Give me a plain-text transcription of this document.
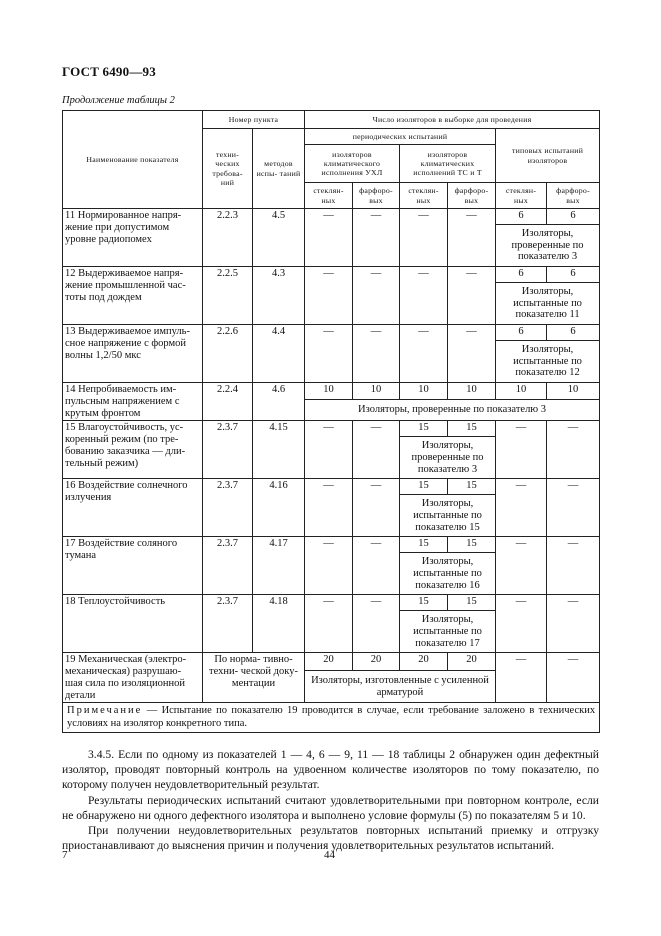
ГОСТ 6490—93
Продолжение таблицы 2
Наименование показателя	Номер пункта		Число изоляторов в выборке для проведения					
	техни- ческих требова- ний	методов испы- таний	периодических испытаний				типовых испытаний изоляторов	
			изоляторов климатического исполнения УХЛ		изоляторов климатических исполнений ТС и Т			
			стеклян- ных	фарфоро- вых	стеклян- ных	фарфоро- вых	стеклян- ных	фарфоро- вых
11 Нормированное напря- жение при допустимом уровне радиопомех	2.2.3	4.5	—	—	—	—	6	6
							Изоляторы, проверенные по показателю 3	
12 Выдерживаемое напря- жение промышленной час- тоты под дождем	2.2.5	4.3	—	—	—	—	6	6
							Изоляторы, испытанные по показателю 11	
13 Выдерживаемое импуль- сное напряжение с формой волны 1,2/50 мкс	2.2.6	4.4	—	—	—	—	6	6
							Изоляторы, испытанные по показателю 12	
14 Непробиваемость им- пульсным напряжением с крутым фронтом	2.2.4	4.6	10	10	10	10	10	10
			Изоляторы, проверенные по показателю 3					
15 Влагоустойчивость, ус- коренный режим (по тре- бованию заказчика — дли- тельный режим)	2.3.7	4.15	—	—	15	15	—	—
					Изоляторы, проверенные по показателю 3			
16 Воздействие солнечного излучения	2.3.7	4.16	—	—	15	15	—	—
					Изоляторы, испытанные по показателю 15			
17 Воздействие соляного тумана	2.3.7	4.17	—	—	15	15	—	—
					Изоляторы, испытанные по показателю 16			
18 Теплоустойчивость	2.3.7	4.18	—	—	15	15	—	—
					Изоляторы, испытанные по показателю 17			
19 Механическая (электро- механическая) разрушаю- шая сила по изоляционной детали	По норма- тивно-техни- ческой доку- ментации		20	20	20	20	—	—
			Изоляторы, изготовленные с усиленной арматурой					
Примечание — Испытание по показателю 19 проводится в случае, если требование заложено в технических условиях на изолятор конкретного типа.								

3.4.5. Если по одному из показателей 1 — 4, 6 — 9, 11 — 18 таблицы 2 обнаружен один дефектный изолятор, проводят повторный контроль на удвоенном количестве изоляторов по тому показателю, по которому получен неудовлетворительный результат.

Результаты периодических испытаний считают удовлетворительными при повторном контроле, если не обнаружено ни одного дефектного изолятора и выполнено условие формулы (5) по показателям 5 и 10.

При получении неудовлетворительных результатов повторных испытаний приемку и отгрузку приостанавливают до выяснения причин и получения удовлетворительных результатов испытаний.

7	44
